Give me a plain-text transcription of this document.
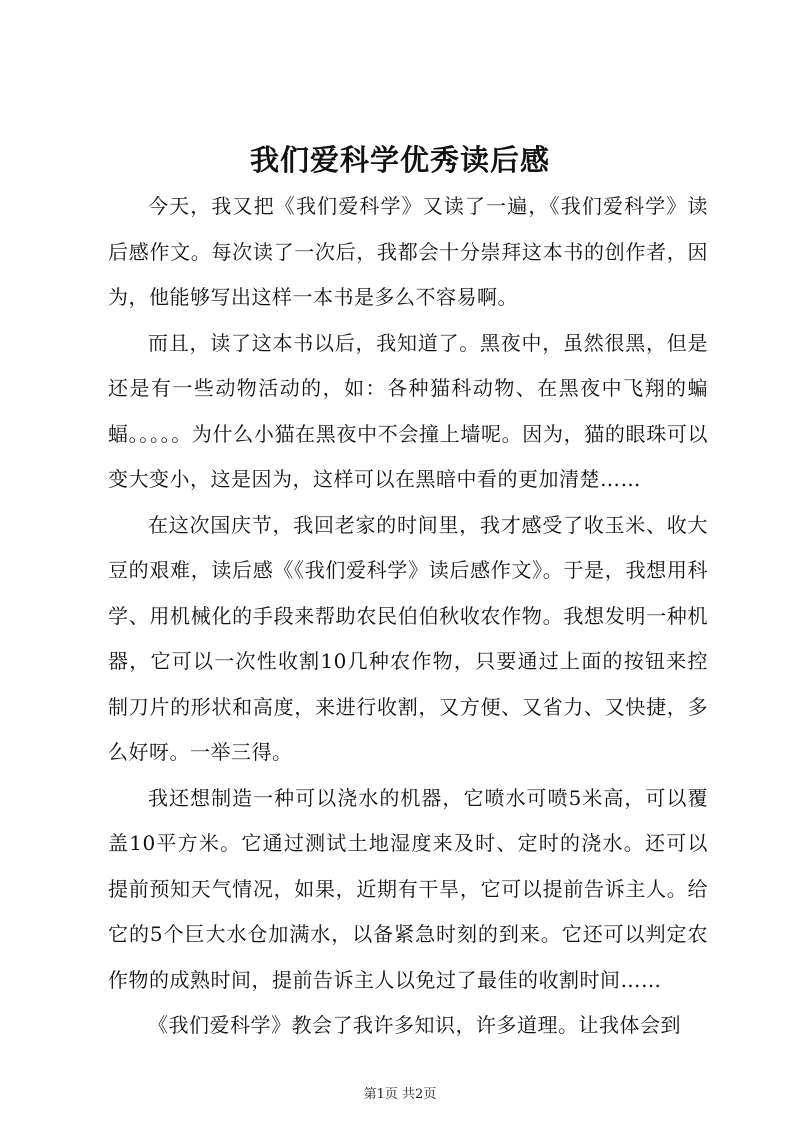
我们爱科学优秀读后感

今天，我又把《我们爱科学》又读了一遍，《我们爱科学》读后感作文。每次读了一次后，我都会十分崇拜这本书的创作者，因为，他能够写出这样一本书是多么不容易啊。

而且，读了这本书以后，我知道了。黑夜中，虽然很黑，但是还是有一些动物活动的，如：各种猫科动物、在黑夜中飞翔的蝙蝠。。。。。为什么小猫在黑夜中不会撞上墙呢。因为，猫的眼珠可以变大变小，这是因为，这样可以在黑暗中看的更加清楚……

在这次国庆节，我回老家的时间里，我才感受了收玉米、收大豆的艰难，读后感《《我们爱科学》读后感作文》。于是，我想用科学、用机械化的手段来帮助农民伯伯秋收农作物。我想发明一种机器，它可以一次性收割10几种农作物，只要通过上面的按钮来控制刀片的形状和高度，来进行收割，又方便、又省力、又快捷，多么好呀。一举三得。

我还想制造一种可以浇水的机器，它喷水可喷5米高，可以覆盖10平方米。它通过测试土地湿度来及时、定时的浇水。还可以提前预知天气情况，如果，近期有干旱，它可以提前告诉主人。给它的5个巨大水仓加满水，以备紧急时刻的到来。它还可以判定农作物的成熟时间，提前告诉主人以免过了最佳的收割时间……

《我们爱科学》教会了我许多知识，许多道理。让我体会到

第1页 共2页
